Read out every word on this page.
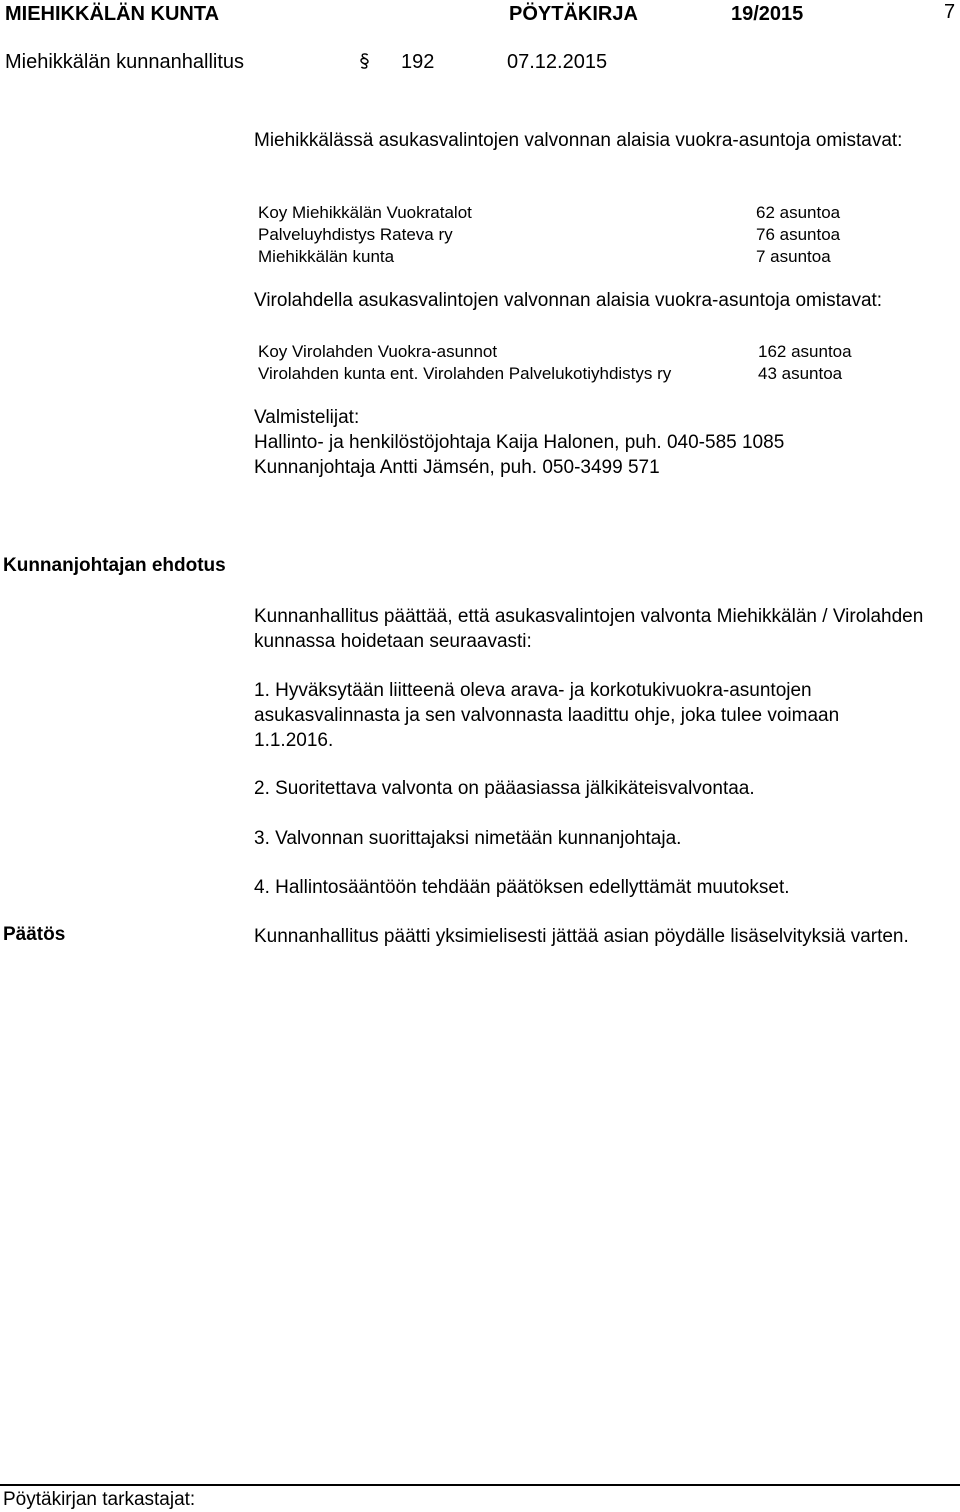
MIEHIKKÄLÄN KUNTA	PÖYTÄKIRJA	19/2015	7
Miehikkälän kunnanhallitus	192	07.12.2015
Miehikkälässä asukasvalintojen valvonnan alaisia vuokra-asuntoja omistavat:
Koy Miehikkälän Vuokratalot	62 asuntoa
Palveluyhdistys Rateva ry	76 asuntoa
Miehikkälän kunta	7 asuntoa
Virolahdella asukasvalintojen valvonnan alaisia vuokra-asuntoja omistavat:
Koy Virolahden Vuokra-asunnot	162 asuntoa
Virolahden kunta ent. Virolahden Palvelukotiyhdistys ry	43 asuntoa
Valmistelijat:
Hallinto- ja henkilöstöjohtaja Kaija Halonen, puh. 040-585 1085
Kunnanjohtaja Antti Jämsén, puh. 050-3499 571
Kunnanjohtajan ehdotus
Kunnanhallitus päättää, että asukasvalintojen valvonta Miehikkälän / Virolahden kunnassa hoidetaan seuraavasti:
1. Hyväksytään liitteenä oleva arava- ja korkotukivuokra-asuntojen asukasvalinnasta ja sen valvonnasta laadittu ohje, joka tulee voimaan 1.1.2016.
2. Suoritettava valvonta on pääasiassa jälkikäteisvalvontaa.
3. Valvonnan suorittajaksi nimetään kunnanjohtaja.
4. Hallintosääntöön tehdään päätöksen edellyttämät muutokset.
Päätös	Kunnanhallitus päätti yksimielisesti jättää asian pöydälle lisäselvityksiä varten.
Pöytäkirjan tarkastajat:
